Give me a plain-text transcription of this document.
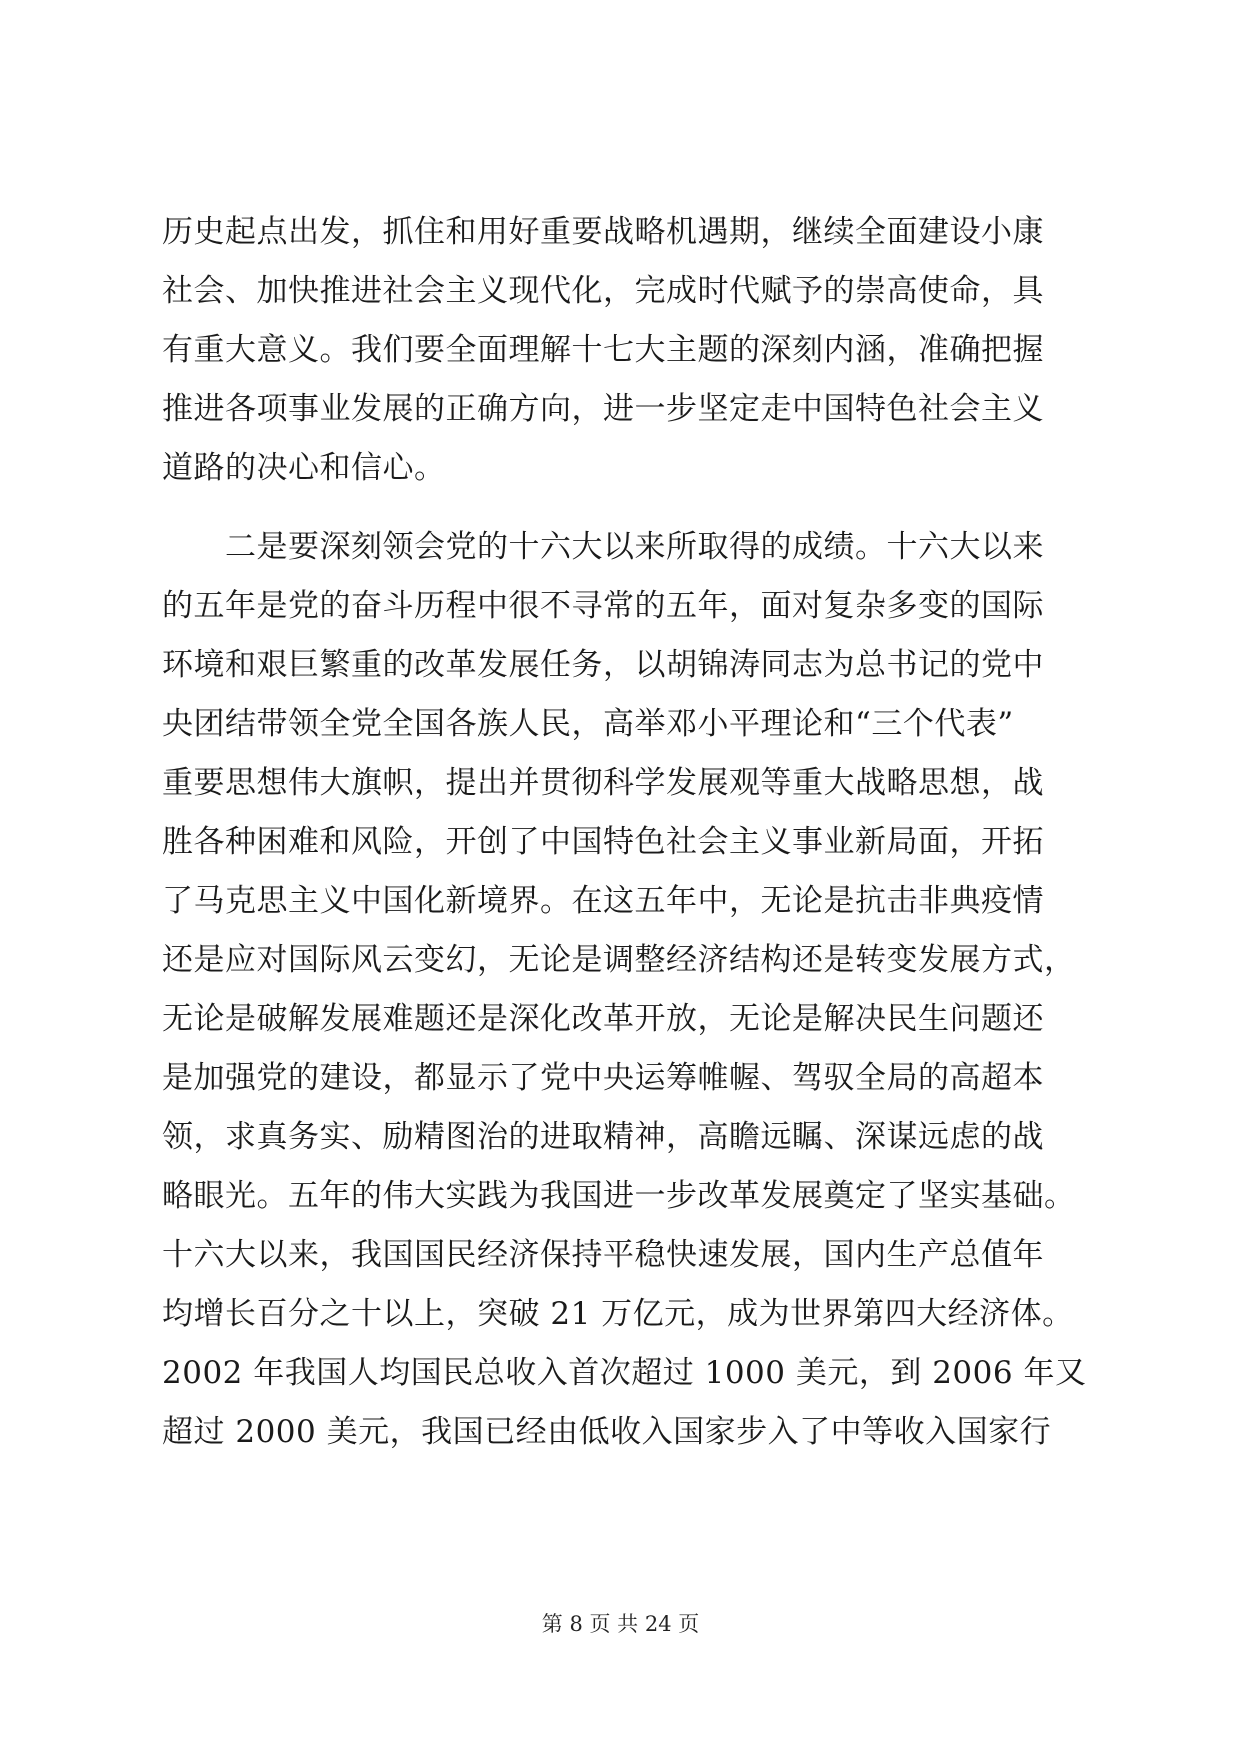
历史起点出发，抓住和用好重要战略机遇期，继续全面建设小康
社会、加快推进社会主义现代化，完成时代赋予的崇高使命，具
有重大意义。我们要全面理解十七大主题的深刻内涵，准确把握
推进各项事业发展的正确方向，进一步坚定走中国特色社会主义
道路的决心和信心。
　　二是要深刻领会党的十六大以来所取得的成绩。十六大以来
的五年是党的奋斗历程中很不寻常的五年，面对复杂多变的国际
环境和艰巨繁重的改革发展任务，以胡锦涛同志为总书记的党中
央团结带领全党全国各族人民，高举邓小平理论和“三个代表”
重要思想伟大旗帜，提出并贯彻科学发展观等重大战略思想，战
胜各种困难和风险，开创了中国特色社会主义事业新局面，开拓
了马克思主义中国化新境界。在这五年中，无论是抗击非典疫情
还是应对国际风云变幻，无论是调整经济结构还是转变发展方式，
无论是破解发展难题还是深化改革开放，无论是解决民生问题还
是加强党的建设，都显示了党中央运筹帷幄、驾驭全局的高超本
领，求真务实、励精图治的进取精神，高瞻远瞩、深谋远虑的战
略眼光。五年的伟大实践为我国进一步改革发展奠定了坚实基础。
十六大以来，我国国民经济保持平稳快速发展，国内生产总值年
均增长百分之十以上，突破 21 万亿元，成为世界第四大经济体。
2002 年我国人均国民总收入首次超过 1000 美元，到 2006 年又
超过 2000 美元，我国已经由低收入国家步入了中等收入国家行
第 8 页 共 24 页
